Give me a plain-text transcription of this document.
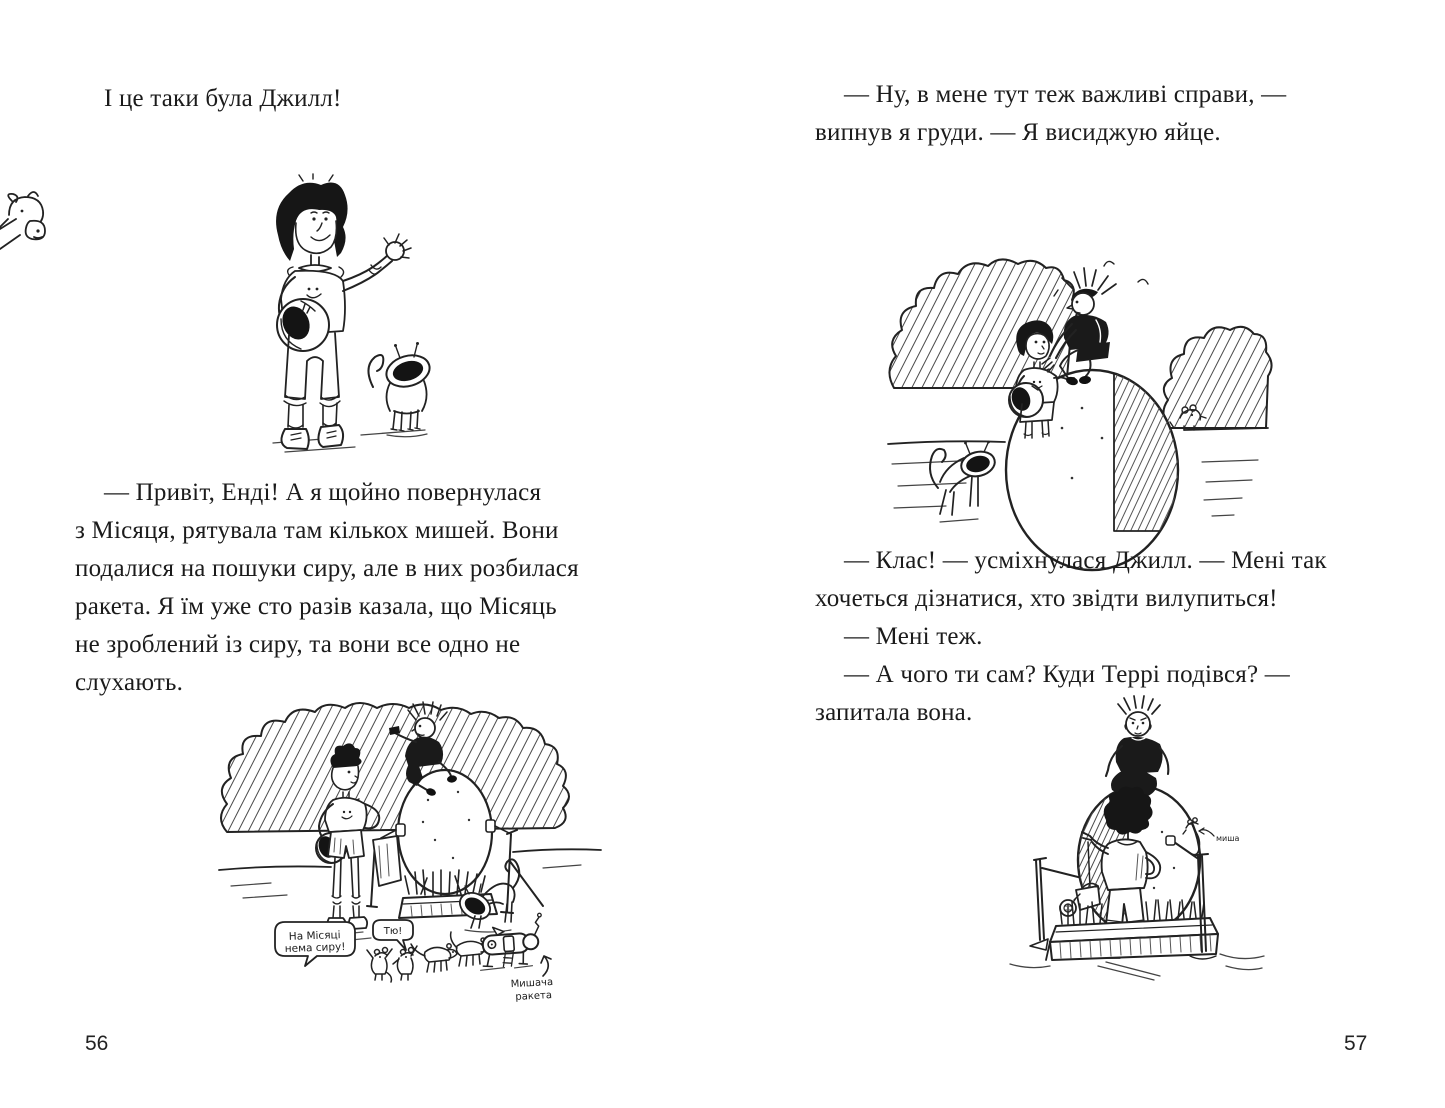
І це таки була Джилл!
— Привіт, Енді! А я щойно повернулася
з Місяця, рятувала там кількох мишей. Вони
подалися на пошуки сиру, але в них розбилася
ракета. Я їм уже сто разів казала, що Місяць
не зроблений із сиру, та вони все одно не
слухають.
На Місяці
нема сиру!
Тю!
Мишача
ракета
56
— Ну, в мене тут теж важливі справи, —
випнув я груди. — Я висиджую яйце.
— Клас! — усміхнулася Джилл. — Мені так
хочеться дізнатися, хто звідти вилупиться!
— Мені теж.
— А чого ти сам? Куди Террі подівся? —
запитала вона.
миша
57
